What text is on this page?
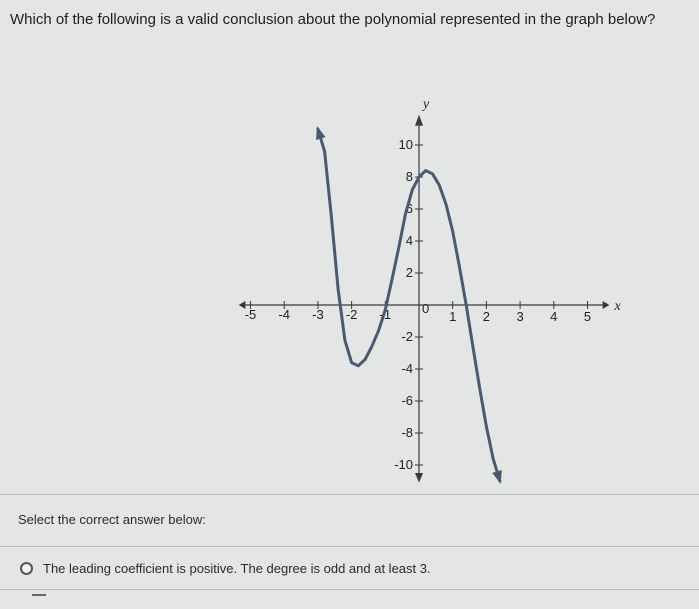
Which of the following is a valid conclusion about the polynomial represented in the graph below?
-5 -4 -3 -2 -1 0
1 2 3 4 5
-10
-8
-6
-4
-2
2
4
6
8
10
x
y
Select the correct answer below:
The leading coefficient is positive. The degree is odd and at least 3.
